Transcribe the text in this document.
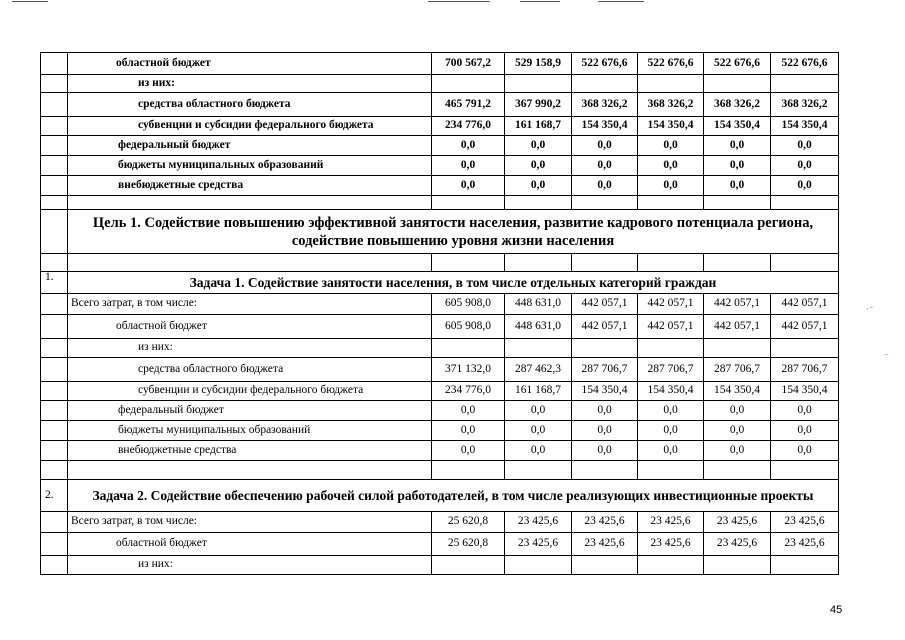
	областной бюджет	700 567,2	529 158,9	522 676,6	522 676,6	522 676,6	522 676,6
	из них:						
	средства областного бюджета	465 791,2	367 990,2	368 326,2	368 326,2	368 326,2	368 326,2
	субвенции и субсидии федерального бюджета	234 776,0	161 168,7	154 350,4	154 350,4	154 350,4	154 350,4
	федеральный бюджет	0,0	0,0	0,0	0,0	0,0	0,0
	бюджеты муниципальных образований	0,0	0,0	0,0	0,0	0,0	0,0
	внебюджетные средства	0,0	0,0	0,0	0,0	0,0	0,0

	Цель 1. Содействие повышению эффективной занятости населения, развитие кадрового потенциала региона, содействие повышению уровня жизни населения						

1.	Задача 1. Содействие занятости населения, в том числе отдельных категорий граждан						
	Всего затрат, в том числе:	605 908,0	448 631,0	442 057,1	442 057,1	442 057,1	442 057,1
	областной бюджет	605 908,0	448 631,0	442 057,1	442 057,1	442 057,1	442 057,1
	из них:						
	средства областного бюджета	371 132,0	287 462,3	287 706,7	287 706,7	287 706,7	287 706,7
	субвенции и субсидии федерального бюджета	234 776,0	161 168,7	154 350,4	154 350,4	154 350,4	154 350,4
	федеральный бюджет	0,0	0,0	0,0	0,0	0,0	0,0
	бюджеты муниципальных образований	0,0	0,0	0,0	0,0	0,0	0,0
	внебюджетные средства	0,0	0,0	0,0	0,0	0,0	0,0

2.	Задача 2. Содействие обеспечению рабочей силой работодателей, в том числе реализующих инвестиционные проекты						
	Всего затрат, в том числе:	25 620,8	23 425,6	23 425,6	23 425,6	23 425,6	23 425,6
	областной бюджет	25 620,8	23 425,6	23 425,6	23 425,6	23 425,6	23 425,6
	из них:						
·⁻
⁻
45
